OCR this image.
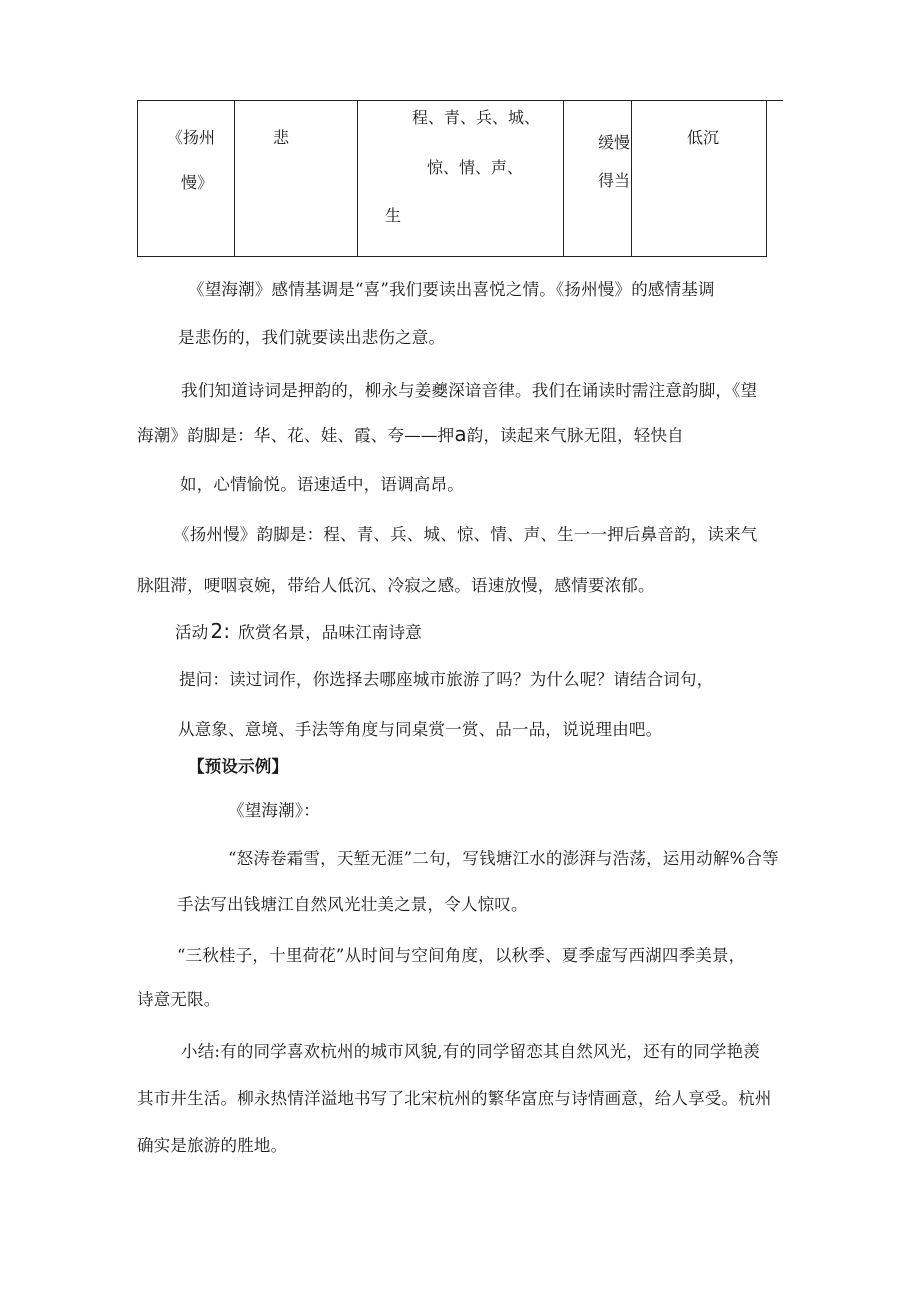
《扬州
慢》
悲
程、青、兵、城、
惊、情、声、
生
缓慢
得当
低沉
《望海潮》感情基调是“喜”我们要读出喜悦之情。《扬州慢》的感情基调
是悲伤的，我们就要读出悲伤之意。
我们知道诗词是押韵的，柳永与姜夔深谙音律。我们在诵读时需注意韵脚，《望
海潮》韵脚是：华、花、娃、霞、夸——押a韵，读起来气脉无阻，轻快自
如，心情愉悦。语速适中，语调高昂。
《扬州慢》韵脚是：程、青、兵、城、惊、情、声、生一一押后鼻音韵，读来气
脉阻滞，哽咽哀婉，带给人低沉、冷寂之感。语速放慢，感情要浓郁。
活动 2: 欣赏名景，品味江南诗意
提问：读过词作，你选择去哪座城市旅游了吗？为什么呢？请结合词句，
从意象、意境、手法等角度与同桌赏一赏、品一品，说说理由吧。
【预设示例】
《望海潮》：
“怒涛卷霜雪，天堑无涯”二句，写钱塘江水的澎湃与浩荡，运用动解%合等
手法写出钱塘江自然风光壮美之景，令人惊叹。
“三秋桂子，十里荷花”从时间与空间角度，以秋季、夏季虚写西湖四季美景，
诗意无限。
小结:有的同学喜欢杭州的城市风貌,有的同学留恋其自然风光，还有的同学艳羡
其市井生活。柳永热情洋溢地书写了北宋杭州的繁华富庶与诗情画意，给人享受。杭州
确实是旅游的胜地。
